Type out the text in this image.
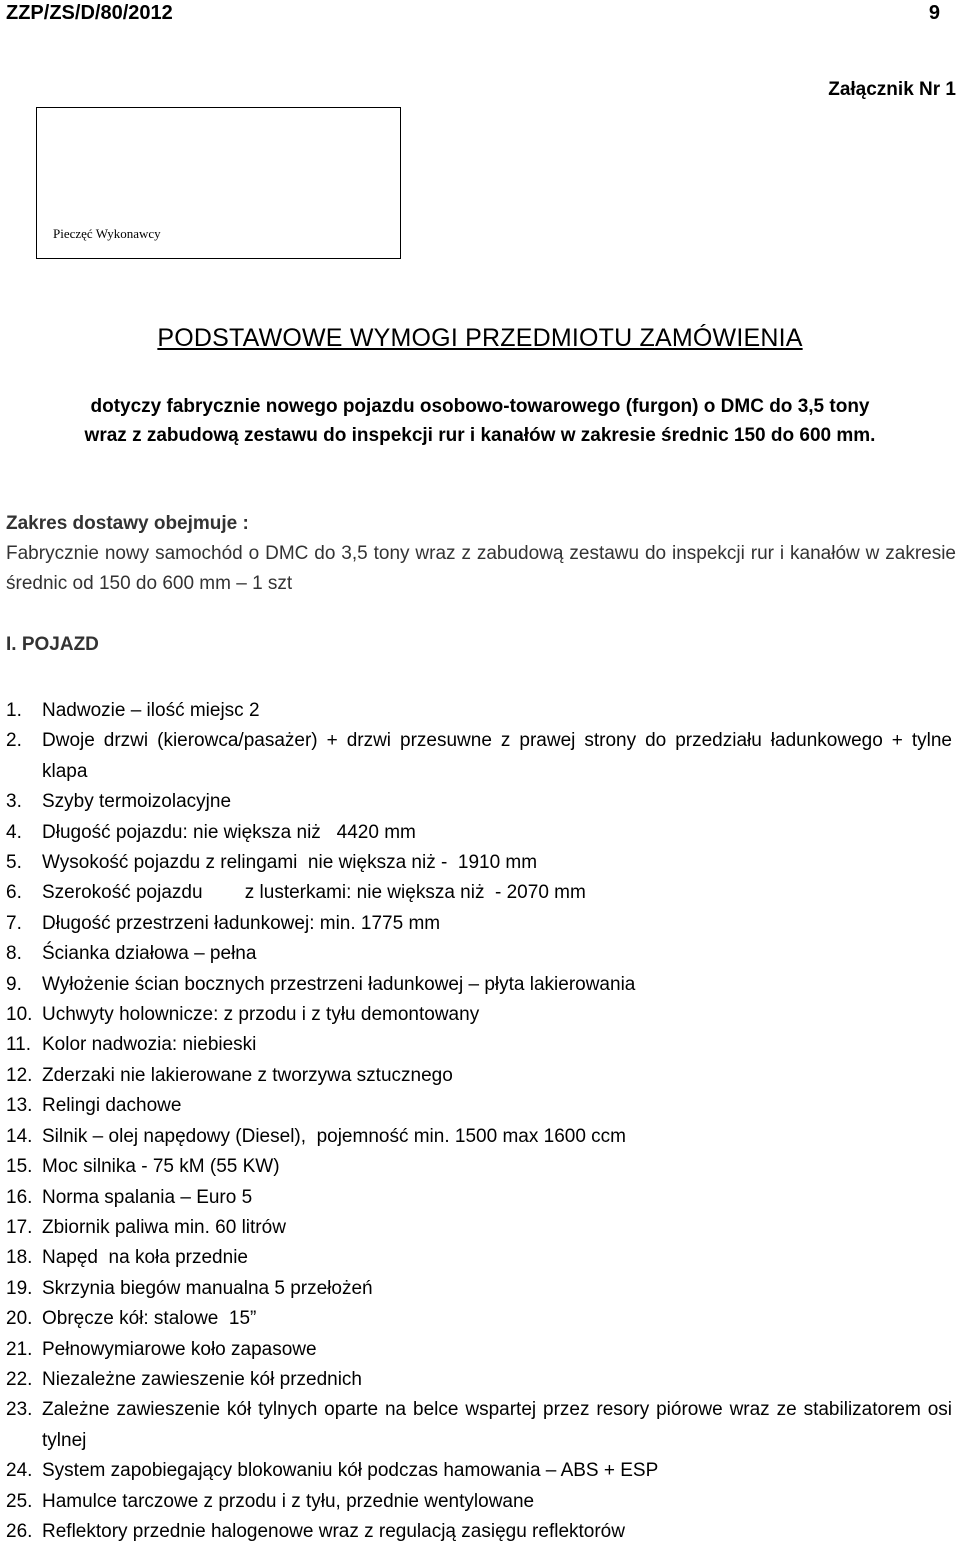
ZZP/ZS/D/80/2012	9
Załącznik Nr 1
Pieczęć Wykonawcy
PODSTAWOWE WYMOGI PRZEDMIOTU ZAMÓWIENIA
dotyczy fabrycznie nowego pojazdu osobowo-towarowego (furgon) o DMC do 3,5 tony
wraz z zabudową zestawu do inspekcji rur i kanałów w zakresie średnic 150 do 600 mm.
Zakres dostawy obejmuje :
Fabrycznie nowy samochód o DMC do 3,5 tony wraz z zabudową zestawu do inspekcji rur i kanałów w zakresie średnic od 150 do 600 mm – 1 szt
I. POJAZD
1.	Nadwozie – ilość miejsc 2
2.	Dwoje drzwi (kierowca/pasażer) + drzwi przesuwne z prawej strony do przedziału ładunkowego + tylne klapa
3.	Szyby termoizolacyjne
4.	Długość pojazdu: nie większa niż   4420 mm
5.	Wysokość pojazdu z relingami  nie większa niż -  1910 mm
6.	Szerokość pojazdu        z lusterkami: nie większa niż  - 2070 mm
7.	Długość przestrzeni ładunkowej: min. 1775 mm
8.	Ścianka działowa – pełna
9.	Wyłożenie ścian bocznych przestrzeni ładunkowej – płyta lakierowania
10. Uchwyty holownicze: z przodu i z tyłu demontowany
11. Kolor nadwozia: niebieski
12. Zderzaki nie lakierowane z tworzywa sztucznego
13. Relingi dachowe
14. Silnik – olej napędowy (Diesel),  pojemność min. 1500 max 1600 ccm
15. Moc silnika - 75 kM (55 KW)
16. Norma spalania – Euro 5
17. Zbiornik paliwa min. 60 litrów
18. Napęd  na koła przednie
19. Skrzynia biegów manualna 5 przełożeń
20. Obręcze kół: stalowe  15”
21. Pełnowymiarowe koło zapasowe
22. Niezależne zawieszenie kół przednich
23. Zależne zawieszenie kół tylnych oparte na belce wspartej przez resory piórowe wraz ze stabilizatorem osi tylnej
24. System zapobiegający blokowaniu kół podczas hamowania – ABS + ESP
25. Hamulce tarczowe z przodu i z tyłu, przednie wentylowane
26. Reflektory przednie halogenowe wraz z regulacją zasięgu reflektorów
